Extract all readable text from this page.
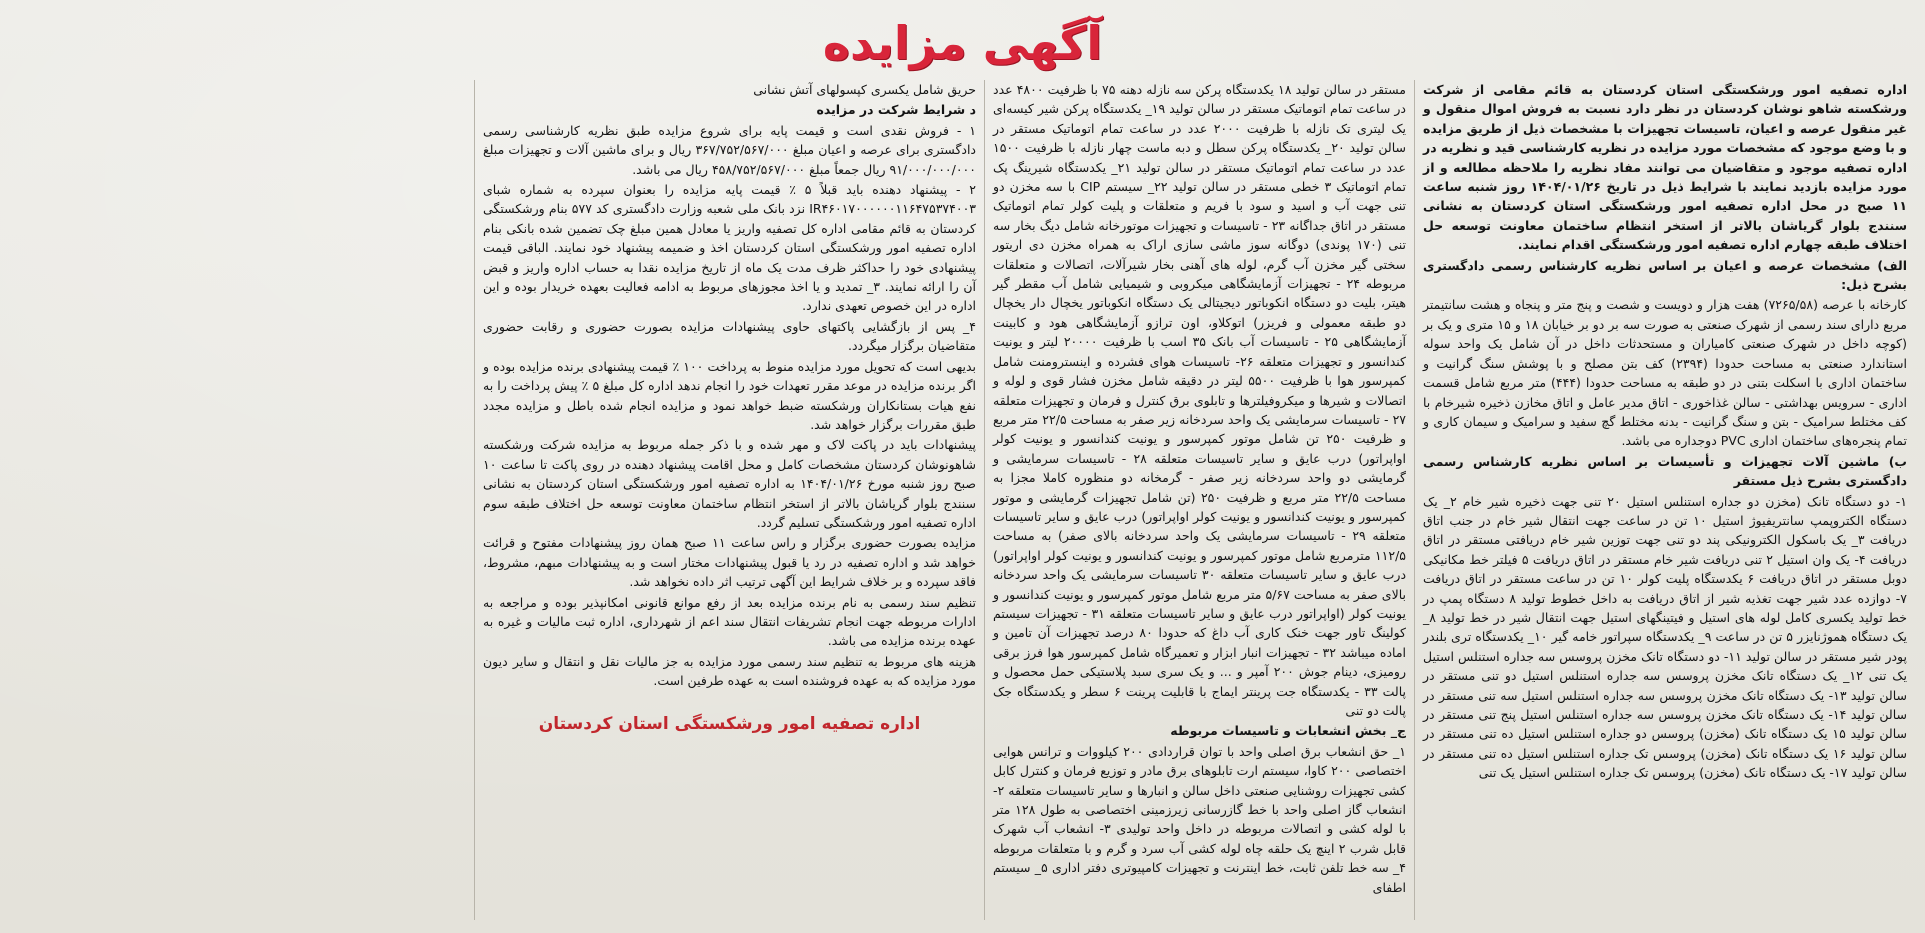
آگهی مزایده

اداره تصفیه امور ورشکستگی استان کردستان به قائم مقامی از شرکت ورشکسته شاهو نوشان کردستان در نظر دارد نسبت به فروش اموال منقول و غیر منقول عرصه و اعیان، تاسیسات تجهیزات با مشخصات ذیل از طریق مزایده و با وضع موجود که مشخصات مورد مزایده در نظریه کارشناسی قید و نظریه در اداره تصفیه موجود و متقاضیان می توانند مفاد نظریه را ملاحظه مطالعه و از مورد مزایده بازدید نمایند با شرایط ذیل در تاریخ ۱۴۰۴/۰۱/۲۶ روز شنبه ساعت ۱۱ صبح در محل اداره تصفیه امور ورشکستگی استان کردستان به نشانی سنندج بلوار گریاشان بالاتر از استخر انتظام ساختمان معاونت توسعه حل اختلاف طبقه چهارم اداره تصفیه امور ورشکستگی اقدام نمایند.

الف) مشخصات عرصه و اعیان بر اساس نظریه کارشناس رسمی دادگستری بشرح ذیل:

کارخانه با عرصه (۷۲۶۵/۵۸) هفت هزار و دویست و شصت و پنج متر و پنجاه و هشت سانتیمتر مربع دارای سند رسمی از شهرک صنعتی به صورت سه بر دو بر خیابان ۱۸ و ۱۵ متری و یک بر (کوچه داخل در شهرک صنعتی کامیاران و مستحدثات داخل در آن شامل یک واحد سوله استاندارد صنعتی به مساحت حدودا (۲۳۹۴) کف بتن مصلح و با پوشش سنگ گرانیت و ساختمان اداری با اسکلت بتنی در دو طبقه به مساحت حدودا (۴۴۴) متر مربع شامل قسمت اداری - سرویس بهداشتی - سالن غذاخوری - اتاق مدیر عامل و اتاق مخازن ذخیره شیرخام با کف مختلط سرامیک - بتن و سنگ گرانیت - بدنه مختلط گچ سفید و سرامیک و سیمان کاری و تمام پنجره‌های ساختمان اداری PVC دوجداره می باشد.

ب) ماشین آلات تجهیزات و تأسیسات بر اساس نظریه کارشناس رسمی دادگستری بشرح ذیل مستقر

۱- دو دستگاه تانک (مخزن دو جداره استنلس استیل ۲۰ تنی جهت ذخیره شیر خام ۲_ یک دستگاه الکتروپمپ سانتریفیوژ استیل ۱۰ تن در ساعت جهت انتقال شیر خام در جنب اتاق دریافت ۳_ یک باسکول الکترونیکی پند دو تنی جهت توزین شیر خام دریافتی مستقر در اتاق دریافت ۴- یک وان استیل ۲ تنی دریافت شیر خام مستقر در اتاق دریافت ۵ فیلتر خط مکانیکی دوبل مستقر در اتاق دریافت ۶ یکدستگاه پلیت کولر ۱۰ تن در ساعت مستقر در اتاق دریافت ۷- دوازده عدد شیر جهت تغذیه شیر از اتاق دریافت به داخل خطوط تولید ۸ دستگاه پمپ در خط تولید یکسری کامل لوله های استیل و فیتینگهای استیل جهت انتقال شیر در خط تولید ۸_ یک دستگاه هموژنایزر ۵ تن در ساعت ۹_ یکدستگاه سپراتور خامه گیر ۱۰_ یکدستگاه تری بلندر پودر شیر مستقر در سالن تولید ۱۱- دو دستگاه تانک مخزن پروسس سه جداره استنلس استیل یک تنی ۱۲_ یک دستگاه تانک مخزن پروسس سه جداره استنلس استیل دو تنی مستقر در سالن تولید ۱۳- یک دستگاه تانک مخزن پروسس سه جداره استنلس استیل سه تنی مستقر در سالن تولید ۱۴- یک دستگاه تانک مخزن پروسس سه جداره استنلس استیل پنج تنی مستقر در سالن تولید ۱۵ یک دستگاه تانک (مخزن) پروسس دو جداره استنلس استیل ده تنی مستقر در سالن تولید ۱۶ یک دستگاه تانک (مخزن) پروسس تک جداره استنلس استیل ده تنی مستقر در سالن تولید ۱۷- یک دستگاه تانک (مخزن) پروسس تک جداره استنلس استیل یک تنی

مستقر در سالن تولید ۱۸ یکدستگاه پرکن سه نازله دهنه ۷۵ با ظرفیت ۴۸۰۰ عدد در ساعت تمام اتوماتیک مستقر در سالن تولید ۱۹_ یکدستگاه پرکن شیر کیسه‌ای یک لیتری تک نازله با ظرفیت ۲۰۰۰ عدد در ساعت تمام اتوماتیک مستقر در سالن تولید ۲۰_ یکدستگاه پرکن سطل و دبه ماست چهار نازله با ظرفیت ۱۵۰۰ عدد در ساعت تمام اتوماتیک مستقر در سالن تولید ۲۱_ یکدستگاه شیرینگ پک تمام اتوماتیک ۳ خطی مستقر در سالن تولید ۲۲_ سیستم CIP با سه مخزن دو تنی جهت آب و اسید و سود با فریم و متعلقات و پلیت کولر تمام اتوماتیک مستقر در اتاق جداگانه ۲۳ - تاسیسات و تجهیزات موتورخانه شامل دیگ بخار سه تنی (۱۷۰ پوندی) دوگانه سوز ماشی سازی اراک به همراه مخزن دی اریتور سختی گیر مخزن آب گرم، لوله های آهنی بخار شیرآلات، اتصالات و متعلقات مربوطه ۲۴ - تجهیزات آزمایشگاهی میکروبی و شیمیایی شامل آب مقطر گیر هیتر، بلیت دو دستگاه انکوباتور دیجیتالی یک دستگاه انکوباتور یخچال دار یخچال دو طبقه معمولی و فریزر) اتوکلاو، اون ترازو آزمایشگاهی هود و کابینت آزمایشگاهی ۲۵ - تاسیسات آب بانک ۳۵ اسب با ظرفیت ۲۰۰۰۰ لیتر و یونیت کندانسور و تجهیزات متعلقه ۲۶- تاسیسات هوای فشرده و اینسترومنت شامل کمپرسور هوا با ظرفیت ۵۵۰۰ لیتر در دقیقه شامل مخزن فشار قوی و لوله و اتصالات و شیرها و میکروفیلترها و تابلوی برق کنترل و فرمان و تجهیزات متعلقه ۲۷ - تاسیسات سرمایشی یک واحد سردخانه زیر صفر به مساحت ۲۲/۵ متر مربع و ظرفیت ۲۵۰ تن شامل موتور کمپرسور و یونیت کندانسور و یونیت کولر اواپراتور) درب عایق و سایر تاسیسات متعلقه ۲۸ - تاسیسات سرمایشی و گرمایشی دو واحد سردخانه زیر صفر - گرمخانه دو منظوره کاملا مجزا به مساحت ۲۲/۵ متر مربع و ظرفیت ۲۵۰ (تن شامل تجهیزات گرمایشی و موتور کمپرسور و یونیت کندانسور و یونیت کولر اواپراتور) درب عایق و سایر تاسیسات متعلقه ۲۹ - تاسیسات سرمایشی یک واحد سردخانه بالای صفر) به مساحت ۱۱۲/۵ مترمربع شامل موتور کمپرسور و یونیت کندانسور و یونیت کولر اواپراتور) درب عایق و سایر تاسیسات متعلقه ۳۰ تاسیسات سرمایشی یک واحد سردخانه بالای صفر به مساحت ۵/۶۷ متر مربع شامل موتور کمپرسور و یونیت کندانسور و یونیت کولر (اواپراتور درب عایق و سایر تاسیسات متعلقه ۳۱ - تجهیزات سیستم کولینگ تاور جهت خنک کاری آب داغ که حدودا ۸۰ درصد تجهیزات آن تامین و اماده میباشد ۳۲ - تجهیزات انبار ابزار و تعمیرگاه شامل کمپرسور هوا فرز برقی رومیزی، دینام جوش ۲۰۰ آمپر و ... و یک سری سبد پلاستیکی حمل محصول و پالت ۳۳ - یکدستگاه جت پرینتر ایماج با قابلیت پرینت ۶ سطر و یکدستگاه جک پالت دو تنی

ج_ بخش انشعابات و تاسیسات مربوطه

۱_ حق انشعاب برق اصلی واحد با توان قراردادی ۲۰۰ کیلووات و ترانس هوایی اختصاصی ۲۰۰ کاوا، سیستم ارت تابلوهای برق مادر و توزیع فرمان و کنترل کابل کشی تجهیزات روشنایی صنعتی داخل سالن و انبارها و سایر تاسیسات متعلقه ۲- انشعاب گاز اصلی واحد با خط گازرسانی زیرزمینی اختصاصی به طول ۱۲۸ متر با لوله کشی و اتصالات مربوطه در داخل واحد تولیدی ۳- انشعاب آب شهرک قابل شرب ۲ اینچ یک حلقه چاه لوله کشی آب سرد و گرم و با متعلقات مربوطه ۴_ سه خط تلفن ثابت، خط اینترنت و تجهیزات کامپیوتری دفتر اداری ۵_ سیستم اطفای

حریق شامل یکسری کپسولهای آتش نشانی

د شرایط شرکت در مزایده

۱ - فروش نقدی است و قیمت پایه برای شروع مزایده طبق نظریه کارشناسی رسمی دادگستری برای عرصه و اعیان مبلغ ۳۶۷/۷۵۲/۵۶۷/۰۰۰ ریال و برای ماشین آلات و تجهیزات مبلغ ۹۱/۰۰۰/۰۰۰/۰۰۰ ریال جمعاً مبلغ ۴۵۸/۷۵۲/۵۶۷/۰۰۰ ریال می باشد.

۲ - پیشنهاد دهنده باید قبلاً ۵ ٪ قیمت پایه مزایده را بعنوان سپرده به شماره شبای IR۴۶۰۱۷۰۰۰۰۰۰۱۱۶۴۷۵۳۷۴۰۰۳ نزد بانک ملی شعبه وزارت دادگستری کد ۵۷۷ بنام ورشکستگی کردستان به قائم مقامی اداره کل تصفیه واریز یا معادل همین مبلغ چک تضمین شده بانکی بنام اداره تصفیه امور ورشکستگی استان کردستان اخذ و ضمیمه پیشنهاد خود نمایند. الباقی قیمت پیشنهادی خود را حداکثر ظرف مدت یک ماه از تاریخ مزایده نقدا به حساب اداره واریز و قبض آن را ارائه نمایند. ۳_ تمدید و یا اخذ مجوزهای مربوط به ادامه فعالیت بعهده خریدار بوده و این اداره در این خصوص تعهدی ندارد.

۴_ پس از بازگشایی پاکتهای حاوی پیشنهادات مزایده بصورت حضوری و رقابت حضوری متقاضیان برگزار میگردد.

بدیهی است که تحویل مورد مزایده منوط به پرداخت ۱۰۰ ٪ قیمت پیشنهادی برنده مزایده بوده و اگر برنده مزایده در موعد مقرر تعهدات خود را انجام ندهد اداره کل مبلغ ۵ ٪ پیش پرداخت را به نفع هیات بستانکاران ورشکسته ضبط خواهد نمود و مزایده انجام شده باطل و مزایده مجدد طبق مقررات برگزار خواهد شد.

پیشنهادات باید در پاکت لاک و مهر شده و با ذکر جمله مربوط به مزایده شرکت ورشکسته شاهونوشان کردستان مشخصات کامل و محل اقامت پیشنهاد دهنده در روی پاکت تا ساعت ۱۰ صبح روز شنبه مورخ ۱۴۰۴/۰۱/۲۶ به اداره تصفیه امور ورشکستگی استان کردستان به نشانی سنندج بلوار گریاشان بالاتر از استخر انتظام ساختمان معاونت توسعه حل اختلاف طبقه سوم اداره تصفیه امور ورشکستگی تسلیم گردد.

مزایده بصورت حضوری برگزار و راس ساعت ۱۱ صبح همان روز پیشنهادات مفتوح و قرائت خواهد شد و اداره تصفیه در رد یا قبول پیشنهادات مختار است و به پیشنهادات مبهم، مشروط، فاقد سپرده و بر خلاف شرایط این آگهی ترتیب اثر داده نخواهد شد.

تنظیم سند رسمی به نام برنده مزایده بعد از رفع موانع قانونی امکانپذیر بوده و مراجعه به ادارات مربوطه جهت انجام تشریفات انتقال سند اعم از شهرداری، اداره ثبت مالیات و غیره به عهده برنده مزایده می باشد.

هزینه های مربوط به تنظیم سند رسمی مورد مزایده به جز مالیات نقل و انتقال و سایر دیون مورد مزایده که به عهده فروشنده است به عهده طرفین است.

اداره تصفیه امور ورشکستگی استان کردستان
